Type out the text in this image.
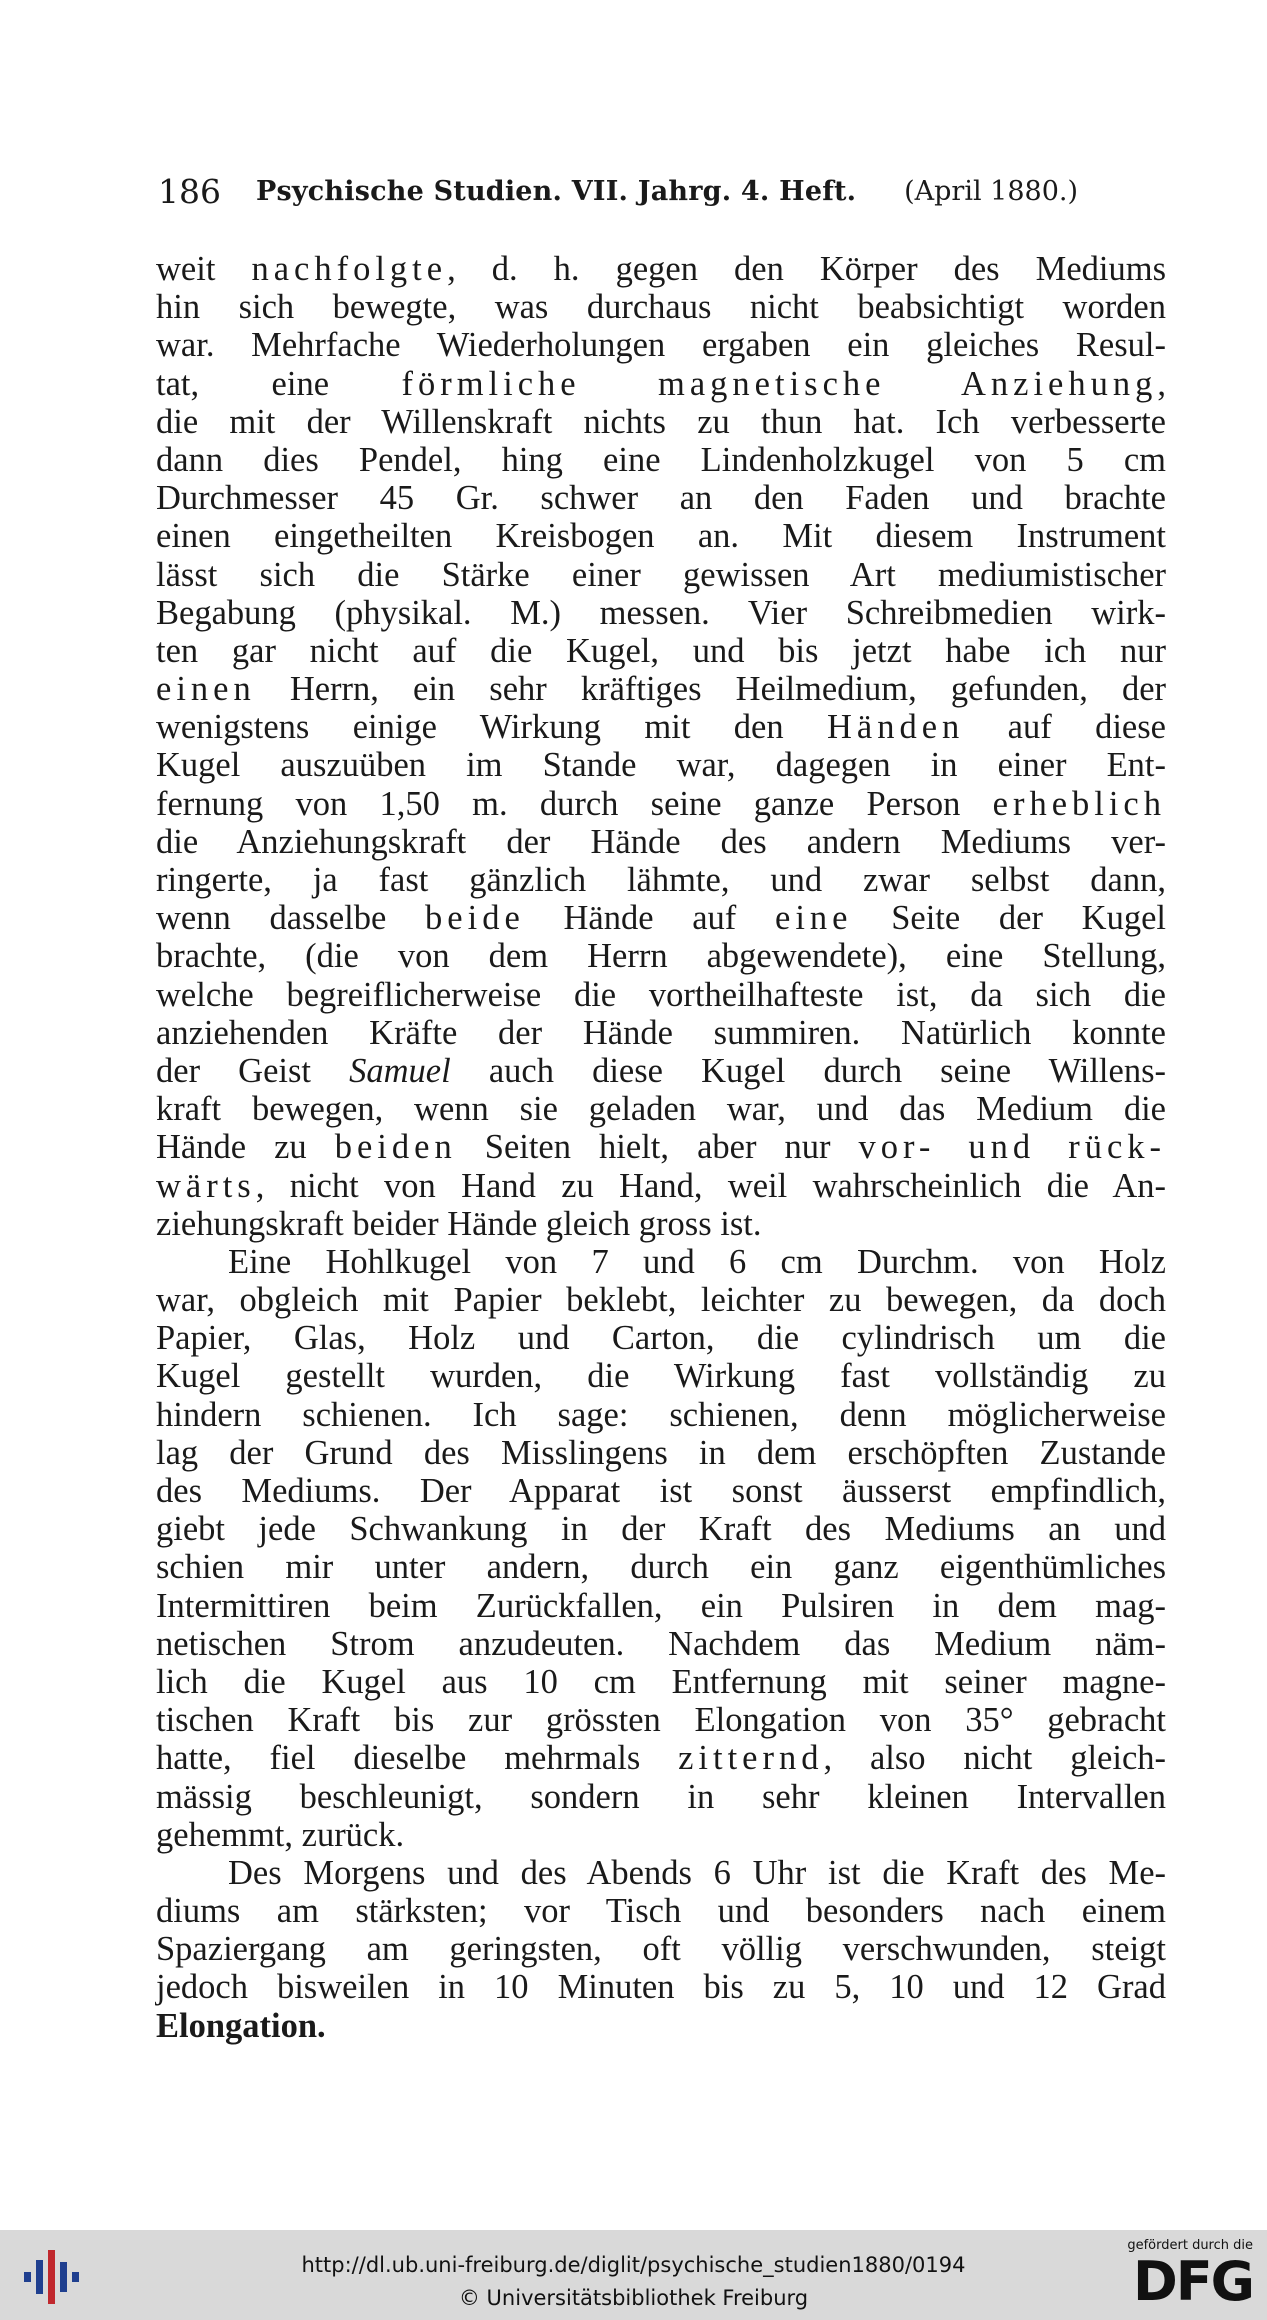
186 Psychische Studien. VII. Jahrg. 4. Heft. (April 1880.)
weit nachfolgte, d. h. gegen den Körper des Mediums
hin sich bewegte, was durchaus nicht beabsichtigt worden
war. Mehrfache Wiederholungen ergaben ein gleiches Resul-
tat, eine förmliche magnetische Anziehung,
die mit der Willenskraft nichts zu thun hat. Ich verbesserte
dann dies Pendel, hing eine Lindenholzkugel von 5 cm
Durchmesser 45 Gr. schwer an den Faden und brachte
einen eingetheilten Kreisbogen an. Mit diesem Instrument
lässt sich die Stärke einer gewissen Art mediumistischer
Begabung (physikal. M.) messen. Vier Schreibmedien wirk-
ten gar nicht auf die Kugel, und bis jetzt habe ich nur
einen Herrn, ein sehr kräftiges Heilmedium, gefunden, der
wenigstens einige Wirkung mit den Händen auf diese
Kugel auszuüben im Stande war, dagegen in einer Ent-
fernung von 1,50 m. durch seine ganze Person erheblich
die Anziehungskraft der Hände des andern Mediums ver-
ringerte, ja fast gänzlich lähmte, und zwar selbst dann,
wenn dasselbe beide Hände auf eine Seite der Kugel
brachte, (die von dem Herrn abgewendete), eine Stellung,
welche begreiflicherweise die vortheilhafteste ist, da sich die
anziehenden Kräfte der Hände summiren. Natürlich konnte
der Geist Samuel auch diese Kugel durch seine Willens-
kraft bewegen, wenn sie geladen war, und das Medium die
Hände zu beiden Seiten hielt, aber nur vor- und rück-
wärts, nicht von Hand zu Hand, weil wahrscheinlich die An-
ziehungskraft beider Hände gleich gross ist.
Eine Hohlkugel von 7 und 6 cm Durchm. von Holz
war, obgleich mit Papier beklebt, leichter zu bewegen, da doch
Papier, Glas, Holz und Carton, die cylindrisch um die
Kugel gestellt wurden, die Wirkung fast vollständig zu
hindern schienen. Ich sage: schienen, denn möglicherweise
lag der Grund des Misslingens in dem erschöpften Zustande
des Mediums. Der Apparat ist sonst äusserst empfindlich,
giebt jede Schwankung in der Kraft des Mediums an und
schien mir unter andern, durch ein ganz eigenthümliches
Intermittiren beim Zurückfallen, ein Pulsiren in dem mag-
netischen Strom anzudeuten. Nachdem das Medium näm-
lich die Kugel aus 10 cm Entfernung mit seiner magne-
tischen Kraft bis zur grössten Elongation von 35° gebracht
hatte, fiel dieselbe mehrmals zitternd, also nicht gleich-
mässig beschleunigt, sondern in sehr kleinen Intervallen
gehemmt, zurück.
Des Morgens und des Abends 6 Uhr ist die Kraft des Me-
diums am stärksten; vor Tisch und besonders nach einem
Spaziergang am geringsten, oft völlig verschwunden, steigt
jedoch bisweilen in 10 Minuten bis zu 5, 10 und 12 Grad
Elongation.
http://dl.ub.uni-freiburg.de/diglit/psychische_studien1880/0194
© Universitätsbibliothek Freiburg
gefördert durch die
DFG
